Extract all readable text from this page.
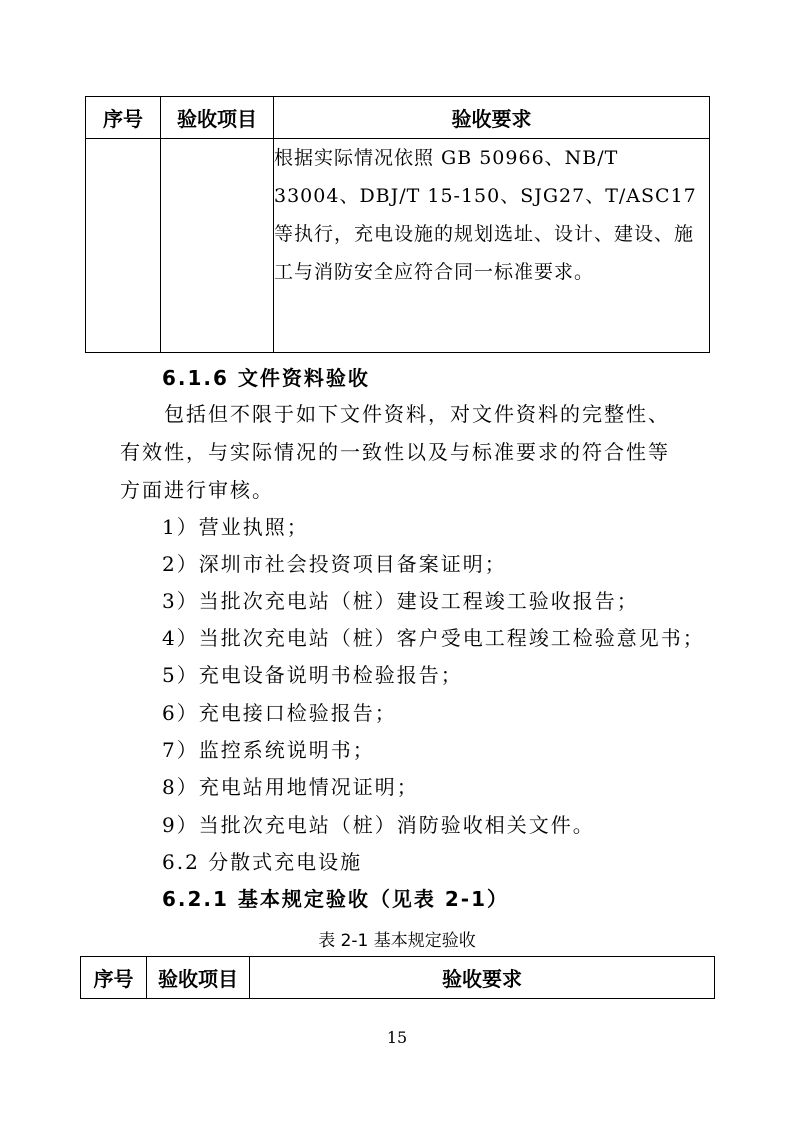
序号	验收项目	验收要求
		根据实际情况依照 GB 50966、NB/T 33004、DBJ/T 15-150、SJG27、T/ASC17 等执行，充电设施的规划选址、设计、建设、施工与消防安全应符合同一标准要求。
6.1.6 文件资料验收

包括但不限于如下文件资料，对文件资料的完整性、有效性，与实际情况的一致性以及与标准要求的符合性等方面进行审核。

1）营业执照；
2）深圳市社会投资项目备案证明；
3）当批次充电站（桩）建设工程竣工验收报告；
4）当批次充电站（桩）客户受电工程竣工检验意见书；
5）充电设备说明书检验报告；
6）充电接口检验报告；
7）监控系统说明书；
8）充电站用地情况证明；
9）当批次充电站（桩）消防验收相关文件。
6.2 分散式充电设施
6.2.1 基本规定验收（见表 2-1）
表 2-1 基本规定验收
序号	验收项目	验收要求
15
